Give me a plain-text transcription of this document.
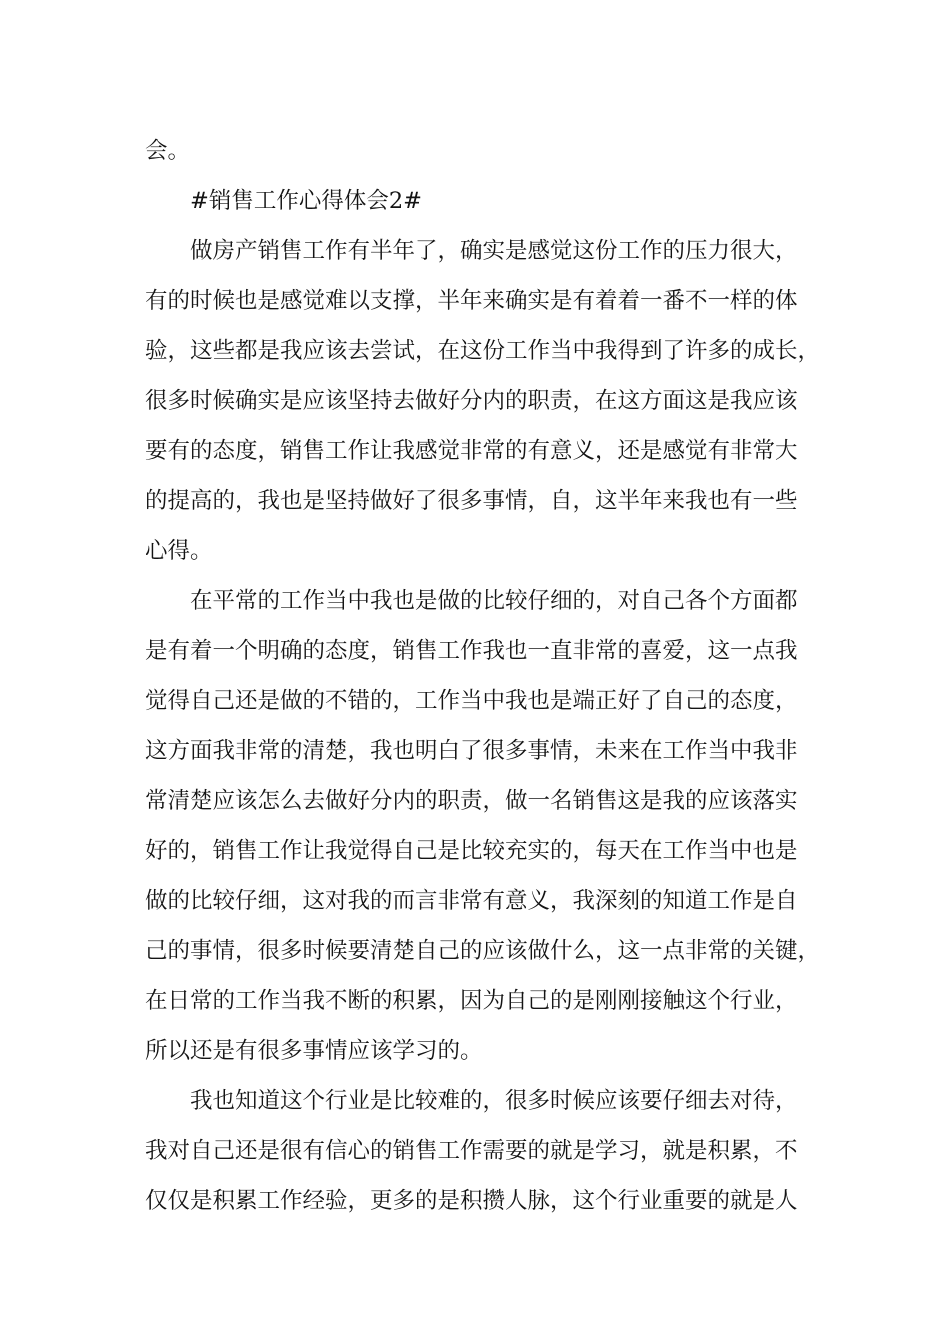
会。
#销售工作心得体会2#
做房产销售工作有半年了，确实是感觉这份工作的压力很大，
有的时候也是感觉难以支撑，半年来确实是有着着一番不一样的体
验，这些都是我应该去尝试，在这份工作当中我得到了许多的成长，
很多时候确实是应该坚持去做好分内的职责，在这方面这是我应该
要有的态度，销售工作让我感觉非常的有意义，还是感觉有非常大
的提高的，我也是坚持做好了很多事情，自，这半年来我也有一些
心得。
在平常的工作当中我也是做的比较仔细的，对自己各个方面都
是有着一个明确的态度，销售工作我也一直非常的喜爱，这一点我
觉得自己还是做的不错的，工作当中我也是端正好了自己的态度，
这方面我非常的清楚，我也明白了很多事情，未来在工作当中我非
常清楚应该怎么去做好分内的职责，做一名销售这是我的应该落实
好的，销售工作让我觉得自己是比较充实的，每天在工作当中也是
做的比较仔细，这对我的而言非常有意义，我深刻的知道工作是自
己的事情，很多时候要清楚自己的应该做什么，这一点非常的关键，
在日常的工作当我不断的积累，因为自己的是刚刚接触这个行业，
所以还是有很多事情应该学习的。
我也知道这个行业是比较难的，很多时候应该要仔细去对待，
我对自己还是很有信心的销售工作需要的就是学习，就是积累，不
仅仅是积累工作经验，更多的是积攒人脉，这个行业重要的就是人
